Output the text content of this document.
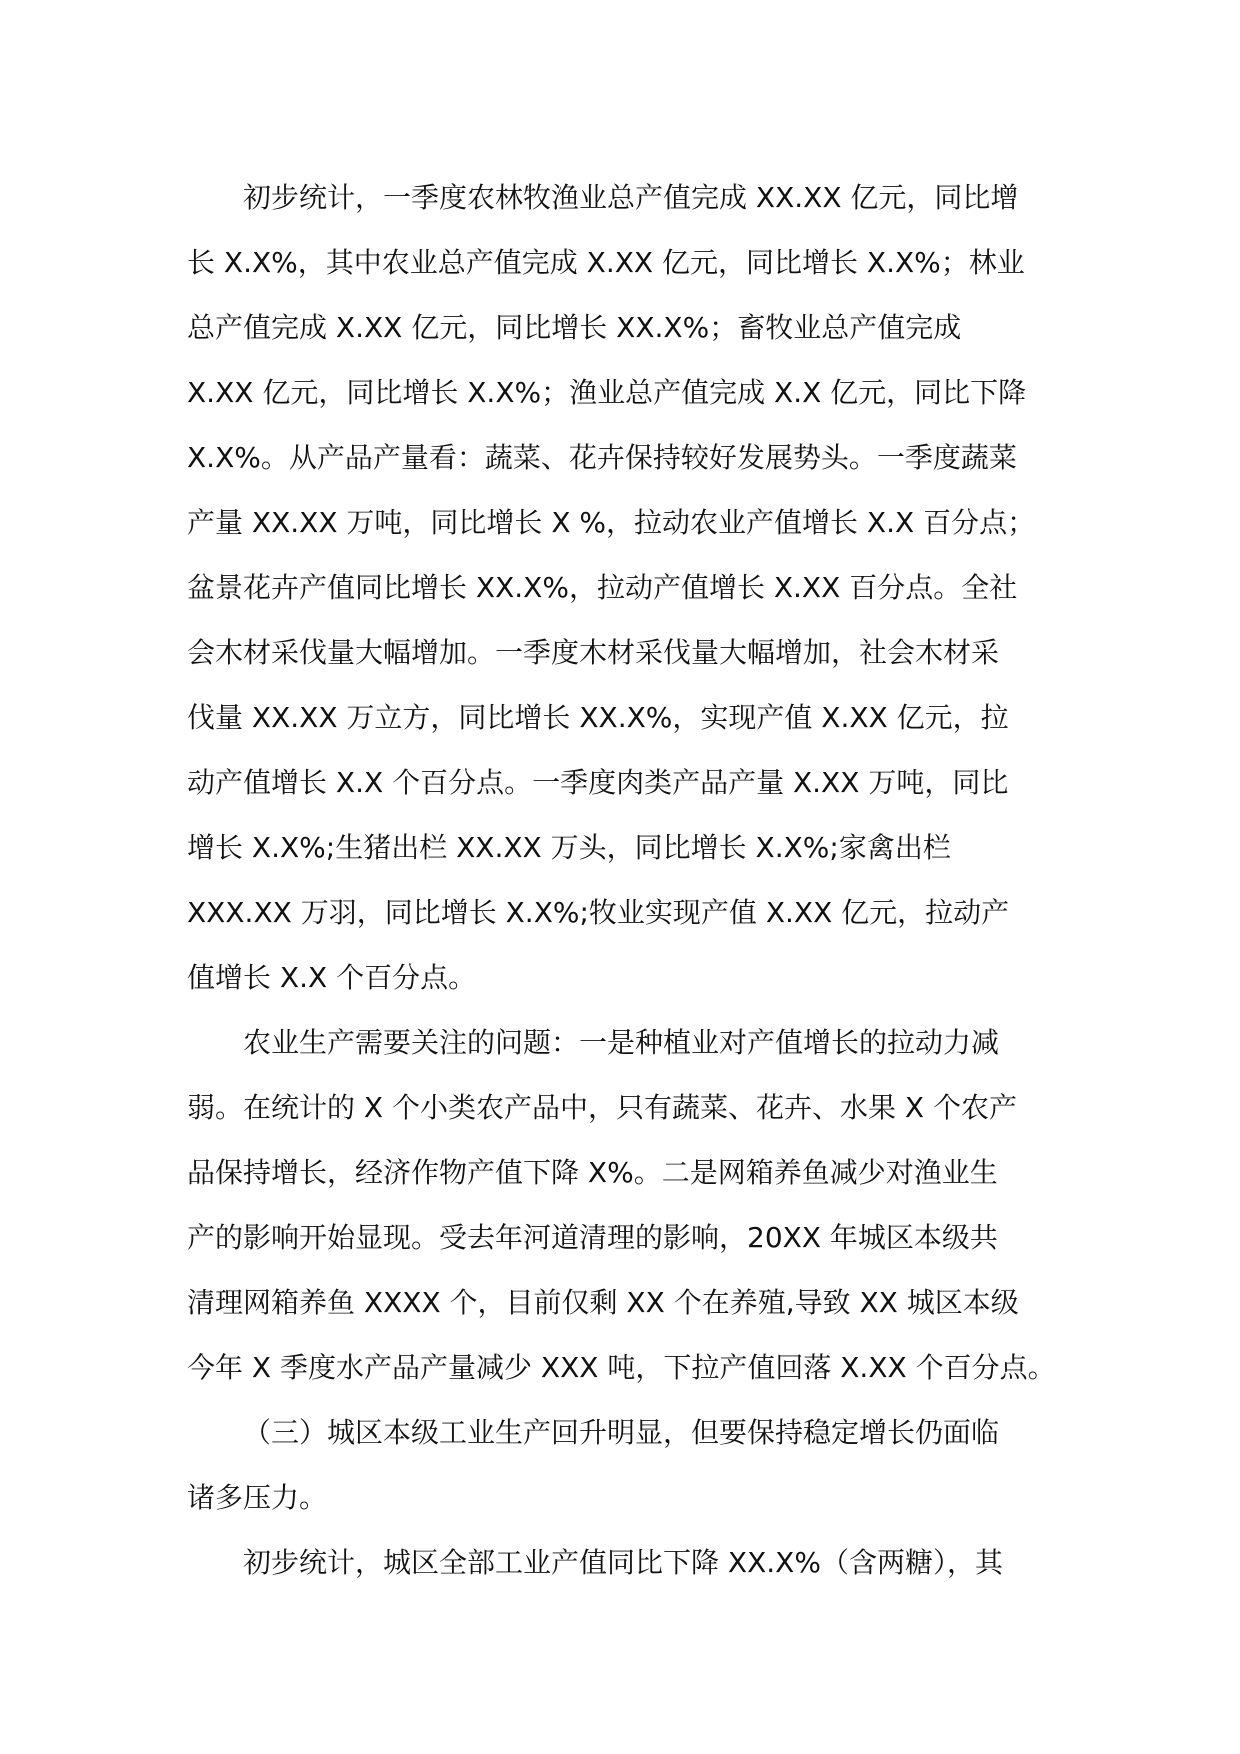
初步统计，一季度农林牧渔业总产值完成 XX.XX 亿元，同比增
长 X.X%，其中农业总产值完成 X.XX 亿元，同比增长 X.X%；林业
总产值完成 X.XX 亿元，同比增长 XX.X%；畜牧业总产值完成
X.XX 亿元，同比增长 X.X%；渔业总产值完成 X.X 亿元，同比下降
X.X%。从产品产量看：蔬菜、花卉保持较好发展势头。一季度蔬菜
产量 XX.XX 万吨，同比增长 X %，拉动农业产值增长 X.X 百分点；
盆景花卉产值同比增长 XX.X%，拉动产值增长 X.XX 百分点。全社
会木材采伐量大幅增加。一季度木材采伐量大幅增加，社会木材采
伐量 XX.XX 万立方，同比增长 XX.X%，实现产值 X.XX 亿元，拉
动产值增长 X.X 个百分点。一季度肉类产品产量 X.XX 万吨，同比
增长 X.X%;生猪出栏 XX.XX 万头，同比增长 X.X%;家禽出栏
XXX.XX 万羽，同比增长 X.X%;牧业实现产值 X.XX 亿元，拉动产
值增长 X.X 个百分点。

农业生产需要关注的问题：一是种植业对产值增长的拉动力减
弱。在统计的 X 个小类农产品中，只有蔬菜、花卉、水果 X 个农产
品保持增长，经济作物产值下降 X%。二是网箱养鱼减少对渔业生
产的影响开始显现。受去年河道清理的影响，20XX 年城区本级共
清理网箱养鱼 XXXX 个，目前仅剩 XX 个在养殖,导致 XX 城区本级
今年 X 季度水产品产量减少 XXX 吨，下拉产值回落 X.XX 个百分点。

（三）城区本级工业生产回升明显，但要保持稳定增长仍面临
诸多压力。

初步统计，城区全部工业产值同比下降 XX.X%（含两糖），其
